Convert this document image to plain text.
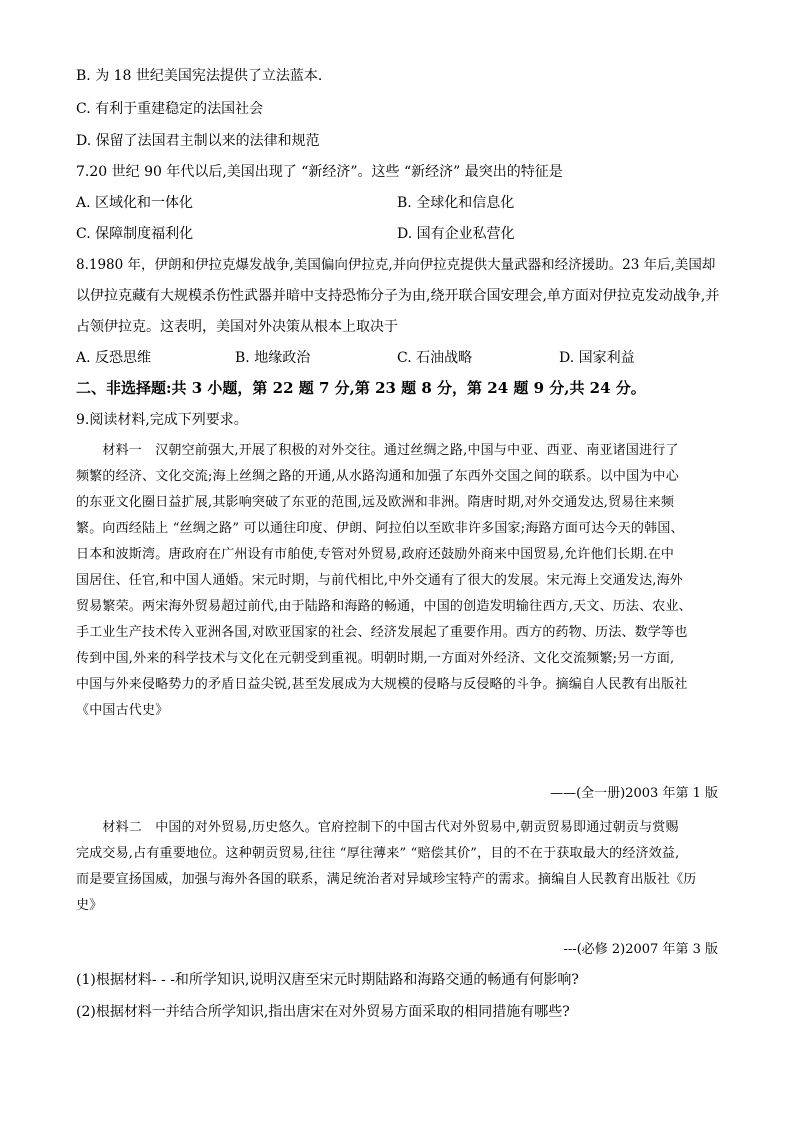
B. 为 18 世纪美国宪法提供了立法蓝本.
C. 有利于重建稳定的法国社会
D. 保留了法国君主制以来的法律和规范
7.20 世纪 90 年代以后,美国出现了 “新经济”。这些 “新经济” 最突出的特征是
A. 区域化和一体化	B. 全球化和信息化
C. 保障制度福利化	D. 国有企业私营化
8.1980 年，伊朗和伊拉克爆发战争,美国偏向伊拉克,并向伊拉克提供大量武器和经济援助。23 年后,美国却
以伊拉克藏有大规模杀伤性武器并暗中支持恐怖分子为由,绕开联合国安理会,单方面对伊拉克发动战争,并
占领伊拉克。这表明，美国对外决策从根本上取决于
A. 反恐思维	B. 地缘政治	C. 石油战略	D. 国家利益
二、非选择题:共 3 小题，第 22 题 7 分,第 23 题 8 分，第 24 题 9 分,共 24 分。
9.阅读材料,完成下列要求。
　　材料一　汉朝空前强大,开展了积极的对外交往。通过丝绸之路,中国与中亚、西亚、南亚诸国进行了
频繁的经济、文化交流;海上丝绸之路的开通,从水路沟通和加强了东西外交国之间的联系。以中国为中心
的东亚文化圈日益扩展,其影响突破了东亚的范围,远及欧洲和非洲。隋唐时期,对外交通发达,贸易往来频
繁。向西经陆上 “丝绸之路” 可以通往印度、伊朗、阿拉伯以至欧非许多国家;海路方面可达今天的韩国、
日本和波斯湾。唐政府在广州设有市舶使,专管对外贸易,政府还鼓励外商来中国贸易,允许他们长期.在中
国居住、任官,和中国人通婚。宋元时期，与前代相比,中外交通有了很大的发展。宋元海上交通发达,海外
贸易繁荣。两宋海外贸易超过前代,由于陆路和海路的畅通，中国的创造发明输往西方,天文、历法、农业、
手工业生产技术传入亚洲各国,对欧亚国家的社会、经济发展起了重要作用。西方的药物、历法、数学等也
传到中国,外来的科学技术与文化在元朝受到重视。明朝时期,一方面对外经济、文化交流频繁;另一方面,
中国与外来侵略势力的矛盾日益尖锐,甚至发展成为大规模的侵略与反侵略的斗争。摘编自人民教有出版社
《中国古代史》
——(全一册)2003 年第 1 版
　　材料二　中国的对外贸易,历史悠久。官府控制下的中国古代对外贸易中,朝贡贸易即通过朝贡与赏赐
完成交易,占有重要地位。这种朝贡贸易,往往 “厚往薄来” “赔偿其价”，目的不在于获取最大的经济效益,
而是要宣扬国威，加强与海外各国的联系，满足统治者对异域珍宝特产的需求。摘编自人民教育出版社《历
史》
---(必修 2)2007 年第 3 版
(1)根据材料- - -和所学知识,说明汉唐至宋元时期陆路和海路交通的畅通有何影响?
(2)根据材料一并结合所学知识,指出唐宋在对外贸易方面采取的相同措施有哪些?
